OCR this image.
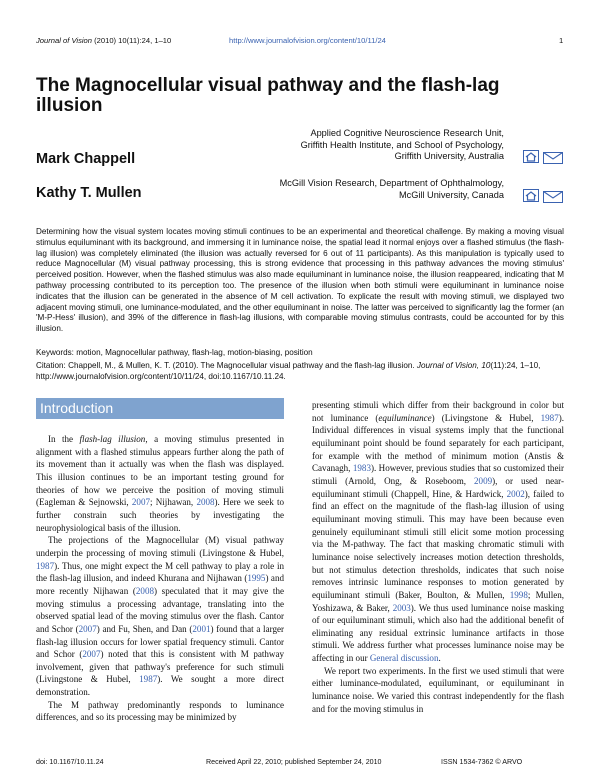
Journal of Vision (2010) 10(11):24, 1–10	http://www.journalofvision.org/content/10/11/24	1
The Magnocellular visual pathway and the flash-lag illusion
Mark Chappell
Applied Cognitive Neuroscience Research Unit,
Griffith Health Institute, and School of Psychology,
Griffith University, Australia
Kathy T. Mullen
McGill Vision Research, Department of Ophthalmology,
McGill University, Canada

Determining how the visual system locates moving stimuli continues to be an experimental and theoretical challenge. By making a moving visual stimulus equiluminant with its background, and immersing it in luminance noise, the spatial lead it normal enjoys over a flashed stimulus (the flash-lag illusion) was completely eliminated (the illusion was actually reversed for 6 out of 11 participants). As this manipulation is typically used to reduce Magnocellular (M) visual pathway processing, this is strong evidence that processing in this pathway advances the moving stimulus' perceived position. However, when the flashed stimulus was also made equiluminant in luminance noise, the illusion reappeared, indicating that M pathway processing contributed to its perception too. The presence of the illusion when both stimuli were equiluminant in luminance noise indicates that the illusion can be generated in the absence of M cell activation. To explicate the result with moving stimuli, we displayed two adjacent moving stimuli, one luminance-modulated, and the other equiluminant in noise. The latter was perceived to significantly lag the former (an 'M-P-Hess' illusion), and 39% of the difference in flash-lag illusions, with comparable moving stimulus contrasts, could be accounted for by this illusion.

Keywords: motion, Magnocellular pathway, flash-lag, motion-biasing, position
Citation: Chappell, M., & Mullen, K. T. (2010). The Magnocellular visual pathway and the flash-lag illusion. Journal of Vision, 10(11):24, 1–10, http://www.journalofvision.org/content/10/11/24, doi:10.1167/10.11.24.
Introduction

In the flash-lag illusion, a moving stimulus presented in alignment with a flashed stimulus appears further along the path of its movement than it actually was when the flash was displayed. This illusion continues to be an important testing ground for theories of how we perceive the position of moving stimuli (Eagleman & Sejnowski, 2007; Nijhawan, 2008). Here we seek to further constrain such theories by investigating the neurophysiological basis of the illusion.

The projections of the Magnocellular (M) visual pathway underpin the processing of moving stimuli (Livingstone & Hubel, 1987). Thus, one might expect the M cell pathway to play a role in the flash-lag illusion, and indeed Khurana and Nijhawan (1995) and more recently Nijhawan (2008) speculated that it may give the moving stimulus a processing advantage, translating into the observed spatial lead of the moving stimulus over the flash. Cantor and Schor (2007) and Fu, Shen, and Dan (2001) found that a larger flash-lag illusion occurs for lower spatial frequency stimuli. Cantor and Schor (2007) noted that this is consistent with M pathway involvement, given that pathway's preference for such stimuli (Livingstone & Hubel, 1987). We sought a more direct demonstration.

The M pathway predominantly responds to luminance differences, and so its processing may be minimized by

presenting stimuli which differ from their background in color but not luminance (equiluminance) (Livingstone & Hubel, 1987). Individual differences in visual systems imply that the functional equiluminant point should be found separately for each participant, for example with the method of minimum motion (Anstis & Cavanagh, 1983). However, previous studies that so customized their stimuli (Arnold, Ong, & Roseboom, 2009), or used near-equiluminant stimuli (Chappell, Hine, & Hardwick, 2002), failed to find an effect on the magnitude of the flash-lag illusion of using equiluminant moving stimuli. This may have been because even genuinely equiluminant stimuli still elicit some motion processing via the M-pathway. The fact that masking chromatic stimuli with luminance noise selectively increases motion detection thresholds, but not stimulus detection thresholds, indicates that such noise removes intrinsic luminance responses to motion generated by equiluminant stimuli (Baker, Boulton, & Mullen, 1998; Mullen, Yoshizawa, & Baker, 2003). We thus used luminance noise masking of our equiluminant stimuli, which also had the additional benefit of eliminating any residual extrinsic luminance artifacts in those stimuli. We address further what processes luminance noise may be affecting in our General discussion.

We report two experiments. In the first we used stimuli that were either luminance-modulated, equiluminant, or equiluminant in luminance noise. We varied this contrast independently for the flash and for the moving stimulus in

doi: 10.1167/10.11.24	Received April 22, 2010; published September 24, 2010	ISSN 1534-7362 © ARVO
